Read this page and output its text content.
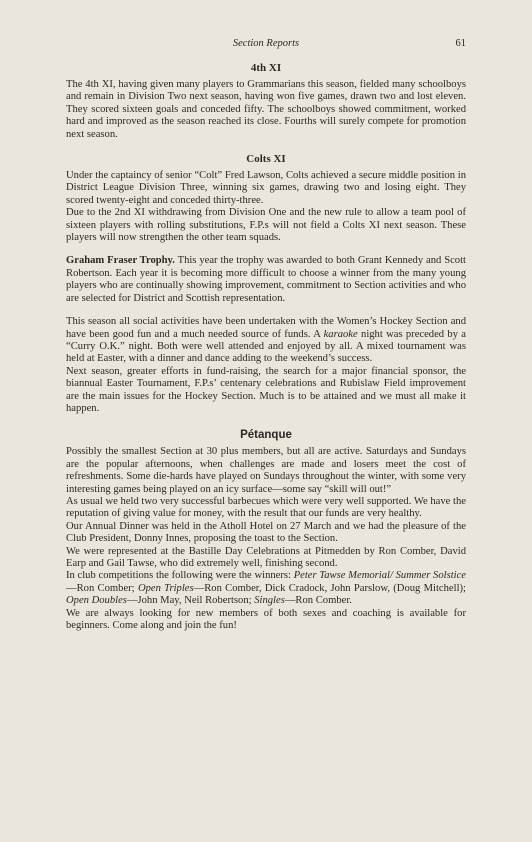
Section Reports	61
4th XI

The 4th XI, having given many players to Grammarians this season, fielded many schoolboys and remain in Division Two next season, having won five games, drawn two and lost eleven. They scored sixteen goals and conceded fifty. The schoolboys showed commitment, worked hard and improved as the season reached its close. Fourths will surely compete for promotion next season.

Colts XI

Under the captaincy of senior “Colt” Fred Lawson, Colts achieved a secure middle position in District League Division Three, winning six games, drawing two and losing eight. They scored twenty-eight and conceded thirty-three.

Due to the 2nd XI withdrawing from Division One and the new rule to allow a team pool of sixteen players with rolling substitutions, F.P.s will not field a Colts XI next season. These players will now strengthen the other team squads.

Graham Fraser Trophy. This year the trophy was awarded to both Grant Kennedy and Scott Robertson. Each year it is becoming more difficult to choose a winner from the many young players who are continually showing improvement, commitment to Section activities and who are selected for District and Scottish representation.

This season all social activities have been undertaken with the Women’s Hockey Section and have been good fun and a much needed source of funds. A karaoke night was preceded by a “Curry O.K.” night. Both were well attended and enjoyed by all. A mixed tournament was held at Easter, with a dinner and dance adding to the weekend’s success.

Next season, greater efforts in fund-raising, the search for a major financial sponsor, the biannual Easter Tournament, F.P.s’ centenary celebrations and Rubislaw Field improvement are the main issues for the Hockey Section. Much is to be attained and we must all make it happen.

Pétanque

Possibly the smallest Section at 30 plus members, but all are active. Saturdays and Sundays are the popular afternoons, when challenges are made and losers meet the cost of refreshments. Some die-hards have played on Sundays throughout the winter, with some very interesting games being played on an icy surface—some say “skill will out!”

As usual we held two very successful barbecues which were very well supported. We have the reputation of giving value for money, with the result that our funds are very healthy.

Our Annual Dinner was held in the Atholl Hotel on 27 March and we had the pleasure of the Club President, Donny Innes, proposing the toast to the Section.

We were represented at the Bastille Day Celebrations at Pitmedden by Ron Comber, David Earp and Gail Tawse, who did extremely well, finishing second.

In club competitions the following were the winners: Peter Tawse Memorial/ Summer Solstice—Ron Comber; Open Triples—Ron Comber, Dick Cradock, John Parslow, (Doug Mitchell); Open Doubles—John May, Neil Robertson; Singles—Ron Comber.

We are always looking for new members of both sexes and coaching is available for beginners. Come along and join the fun!
